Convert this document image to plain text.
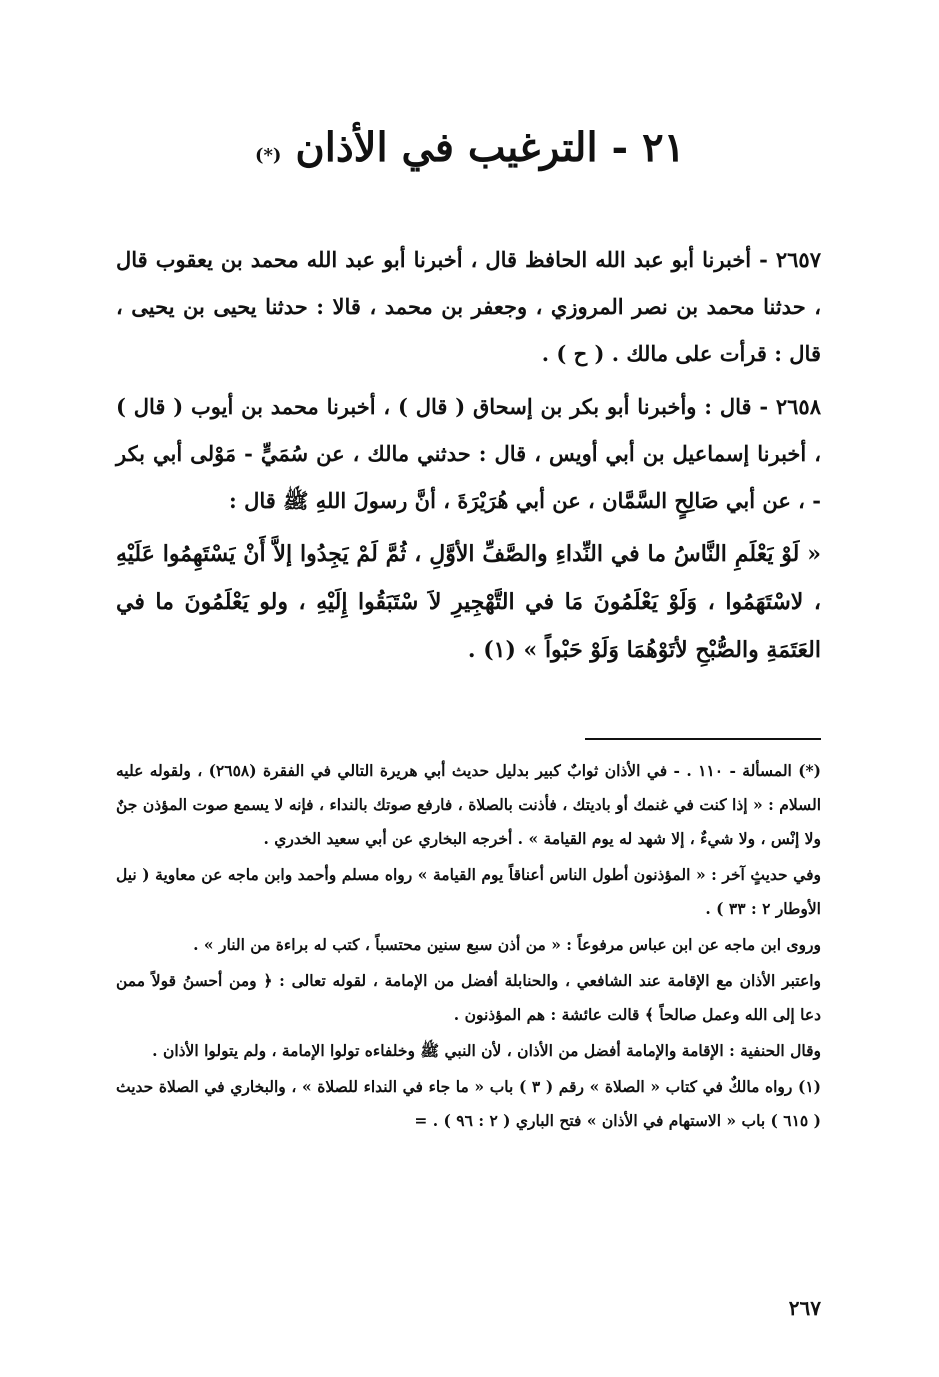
٢١ - الترغيب في الأذان (*)

٢٦٥٧ - أخبرنا أبو عبد الله الحافظ قال ، أخبرنا أبو عبد الله محمد بن يعقوب قال ، حدثنا محمد بن نصر المروزي ، وجعفر بن محمد ، قالا : حدثنا يحيى بن يحيى ، قال : قرأت على مالك . ( ح ) .

٢٦٥٨ - قال : وأخبرنا أبو بكر بن إسحاق ( قال ) ، أخبرنا محمد بن أيوب ( قال ) ، أخبرنا إسماعيل بن أبي أويس ، قال : حدثني مالك ، عن سُمَيٍّ - مَوْلى أبي بكر - ، عن أبي صَالِحٍ السَّمَّان ، عن أبي هُرَيْرَةَ ، أنَّ رسولَ اللهِ ﷺ قال :

« لَوْ يَعْلَمِ النَّاسُ ما في النِّداءِ والصَّفِّ الأوَّلِ ، ثُمَّ لَمْ يَجِدُوا إلاَّ أَنْ يَسْتَهِمُوا عَلَيْهِ ، لاسْتَهَمُوا ، وَلَوْ يَعْلَمُونَ مَا في التَّهْجِيرِ لاَ سْتَبَقُوا إِلَيْهِ ، ولو يَعْلَمُونَ ما في العَتَمَةِ والصُّبْحِ لأتَوْهُمَا وَلَوْ حَبْواً » (١) .

(*) المسألة - ١١٠ . - في الأذان ثوابٌ كبير بدليل حديث أبي هريرة التالي في الفقرة (٢٦٥٨) ، ولقوله عليه السلام : « إذا كنت في غنمك أو باديتك ، فأذنت بالصلاة ، فارفع صوتك بالنداء ، فإنه لا يسمع صوت المؤذن جنٌ ولا إنْس ، ولا شيءٌ ، إلا شهد له يوم القيامة » . أخرجه البخاري عن أبي سعيد الخدري .

وفي حديثٍ آخر : « المؤذنون أطول الناس أعناقاً يوم القيامة » رواه مسلم وأحمد وابن ماجه عن معاوية ( نيل الأوطار ٢ : ٣٣ ) .

وروى ابن ماجه عن ابن عباس مرفوعاً : « من أذن سبع سنين محتسباً ، كتب له براءة من النار » .

واعتبر الأذان مع الإقامة عند الشافعي ، والحنابلة أفضل من الإمامة ، لقوله تعالى : ﴿ ومن أحسنُ قولاً ممن دعا إلى الله وعمل صالحاً ﴾ قالت عائشة : هم المؤذنون .

وقال الحنفية : الإقامة والإمامة أفضل من الأذان ، لأن النبي ﷺ وخلفاءه تولوا الإمامة ، ولم يتولوا الأذان .

(١) رواه مالكٌ في كتاب « الصلاة » رقم ( ٣ ) باب « ما جاء في النداء للصلاة » ، والبخاري في الصلاة حديث ( ٦١٥ ) باب « الاستهام في الأذان » فتح الباري ( ٢ : ٩٦ ) . =

٢٦٧
